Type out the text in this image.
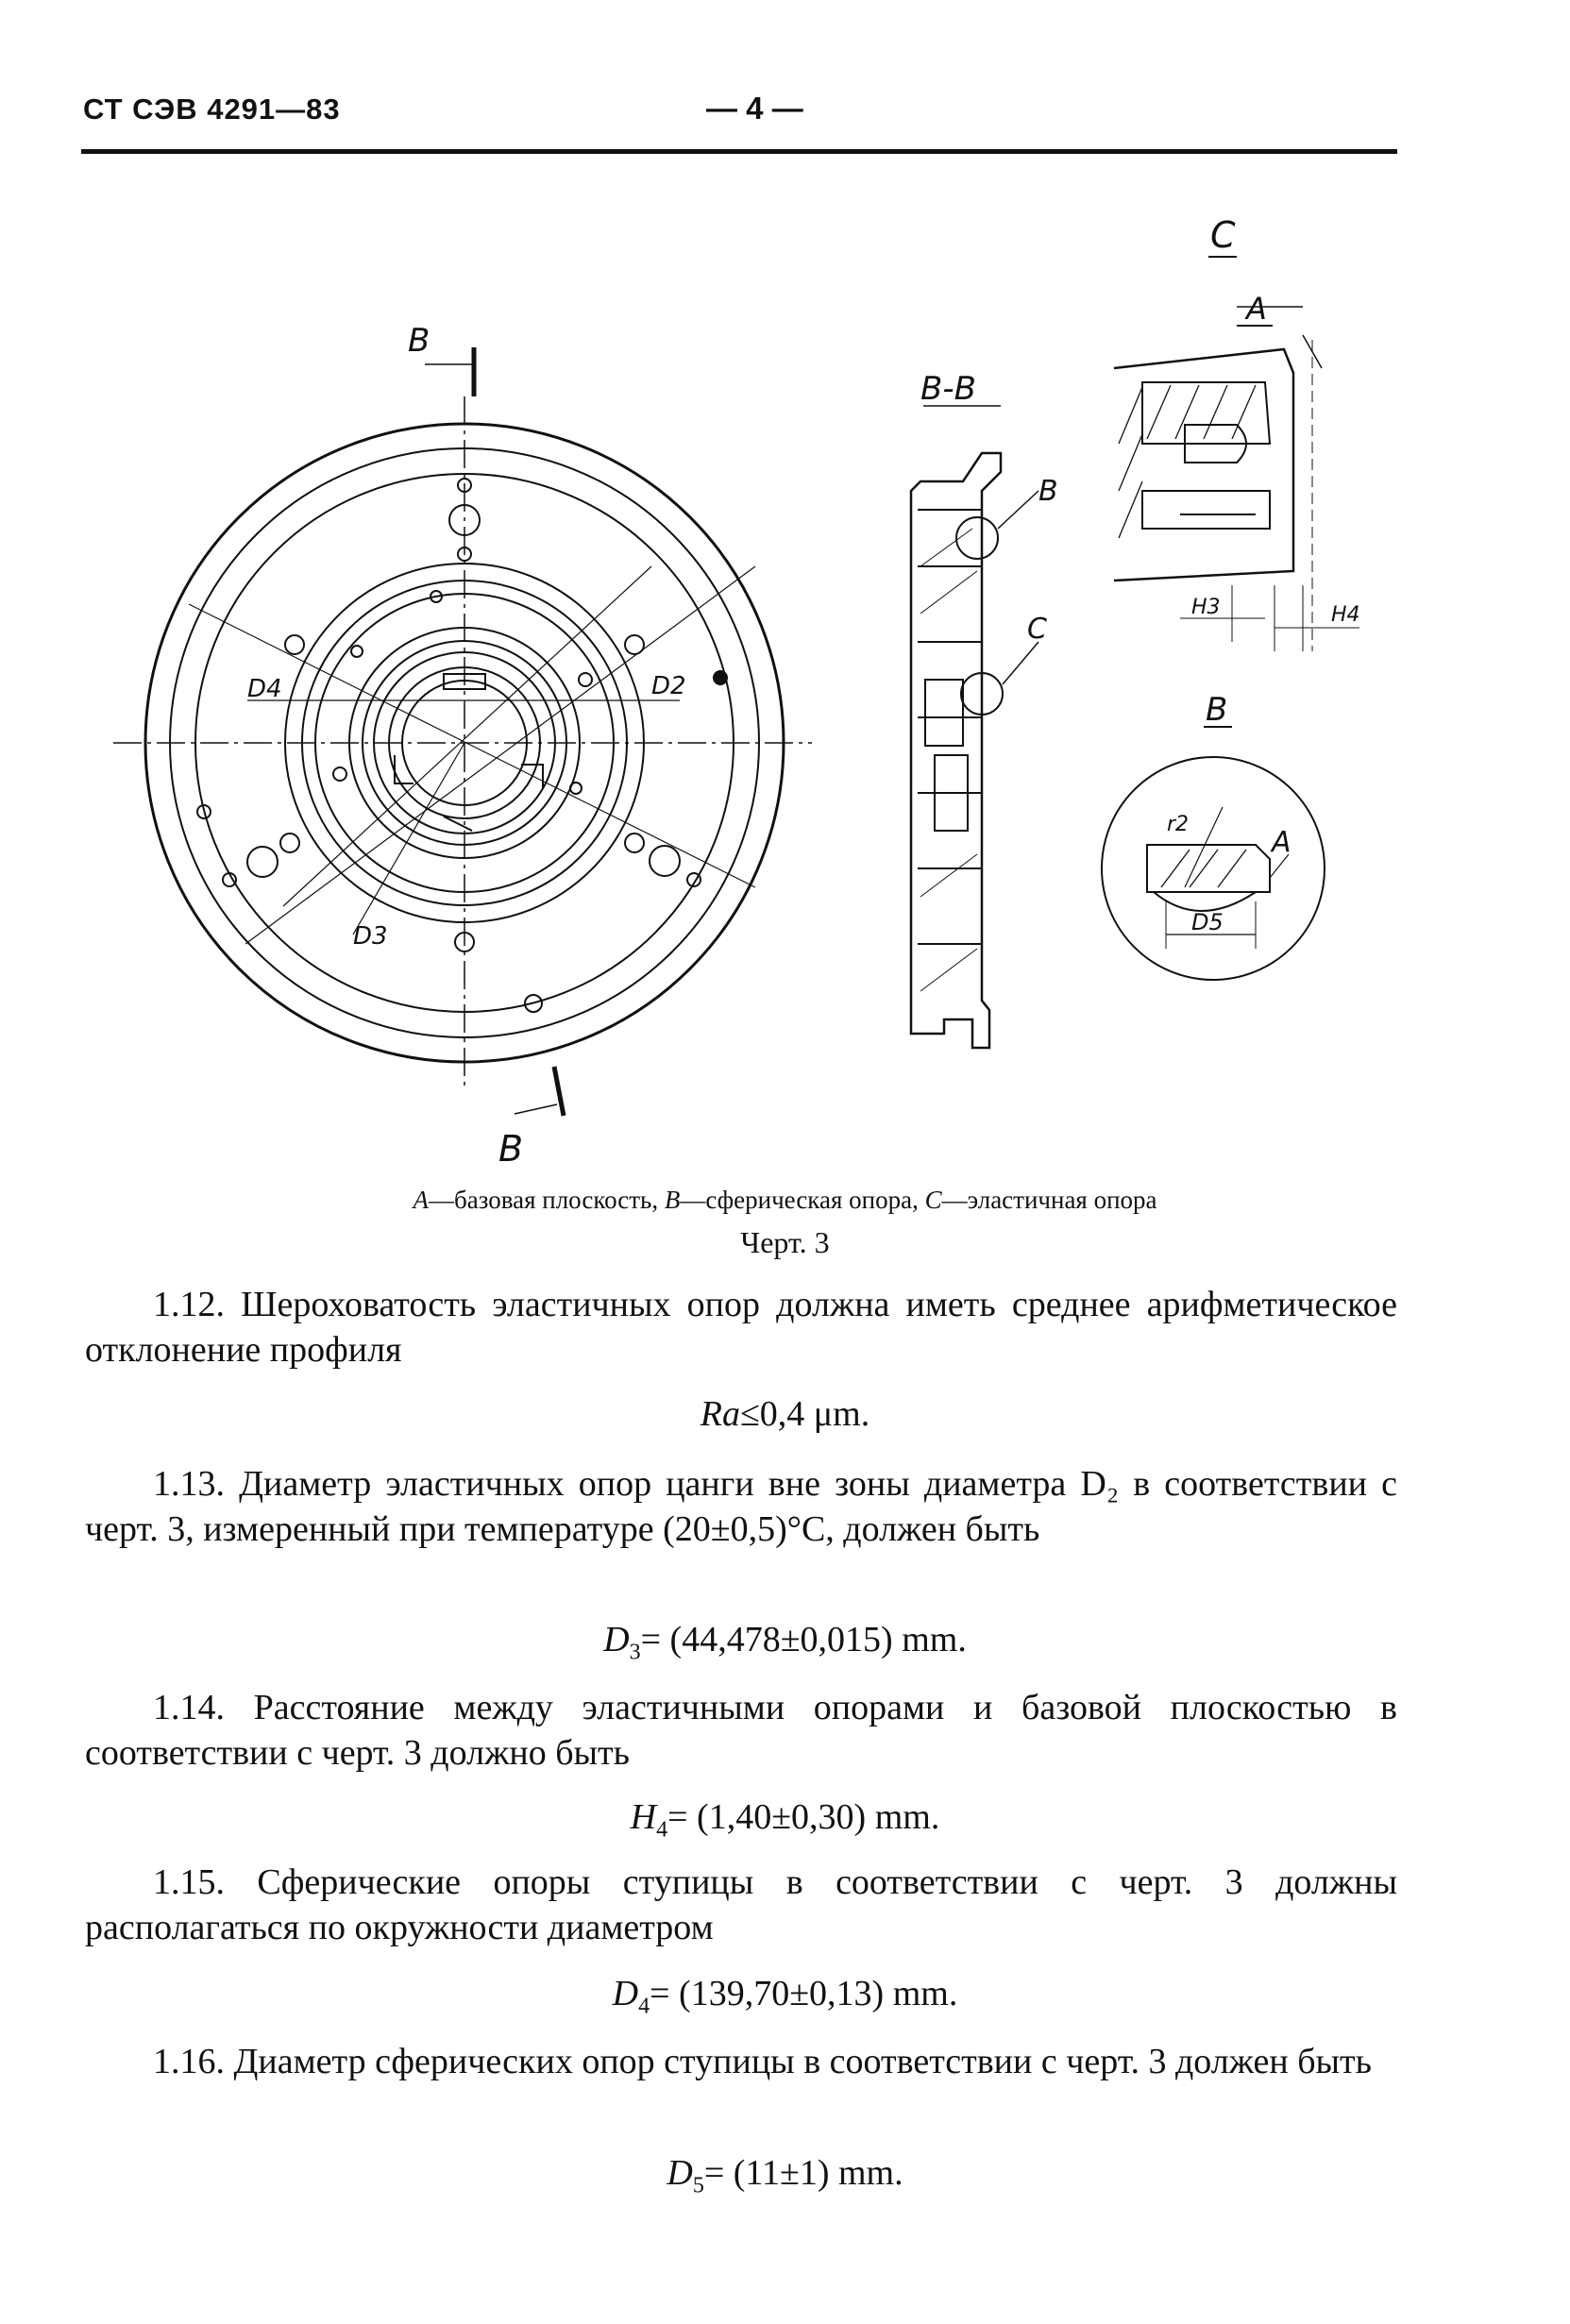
СТ СЭВ 4291—83	— 4 —
В
В
D4	D2
D3
В-В
В
С
С
А
H3	H4
В
r2
А
D5
А—базовая плоскость, В—сферическая опора, С—эластичная опора
Черт. 3
1.12. Шероховатость эластичных опор должна иметь среднее арифметическое отклонение профиля
Ra≤0,4 μm.
1.13. Диаметр эластичных опор цанги вне зоны диаметра D₂ в соответствии с черт. 3, измеренный при температуре (20±0,5)°С, должен быть
$D_3= (44,478\pm 0,015)$ mm.
1.14. Расстояние между эластичными опорами и базовой плоскостью в соответствии с черт. 3 должно быть
$H_4= (1,40\pm 0,30)$ mm.
1.15. Сферические опоры ступицы в соответствии с черт. 3 должны располагаться по окружности диаметром
$D_4= (139,70\pm 0,13)$ mm.
1.16. Диаметр сферических опор ступицы в соответствии с черт. 3 должен быть
$D_5= (11\pm 1)$ mm.
